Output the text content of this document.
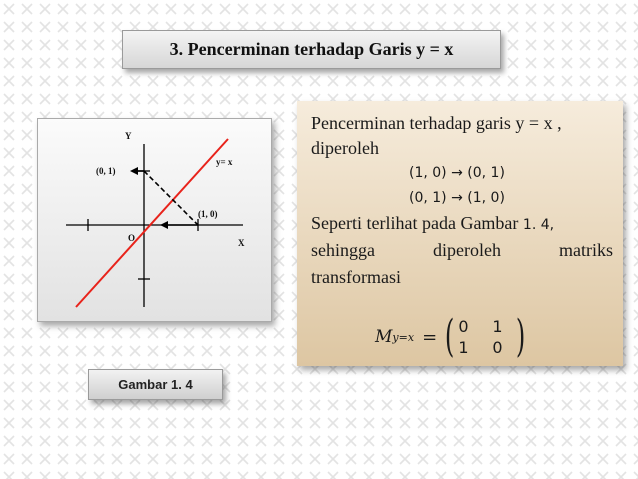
3. Pencerminan terhadap Garis y = x
Y
X
O
y= x
(0, 1)
(1, 0)
Pencerminan terhadap garis y = x ,
diperoleh
(1, 0) → (0, 1)
(0, 1) → (1, 0)
Seperti terlihat pada Gambar 1. 4,
sehingga	diperoleh	matriks
transformasi
M y=x = ( 0	1
1	0 )
Gambar 1. 4
